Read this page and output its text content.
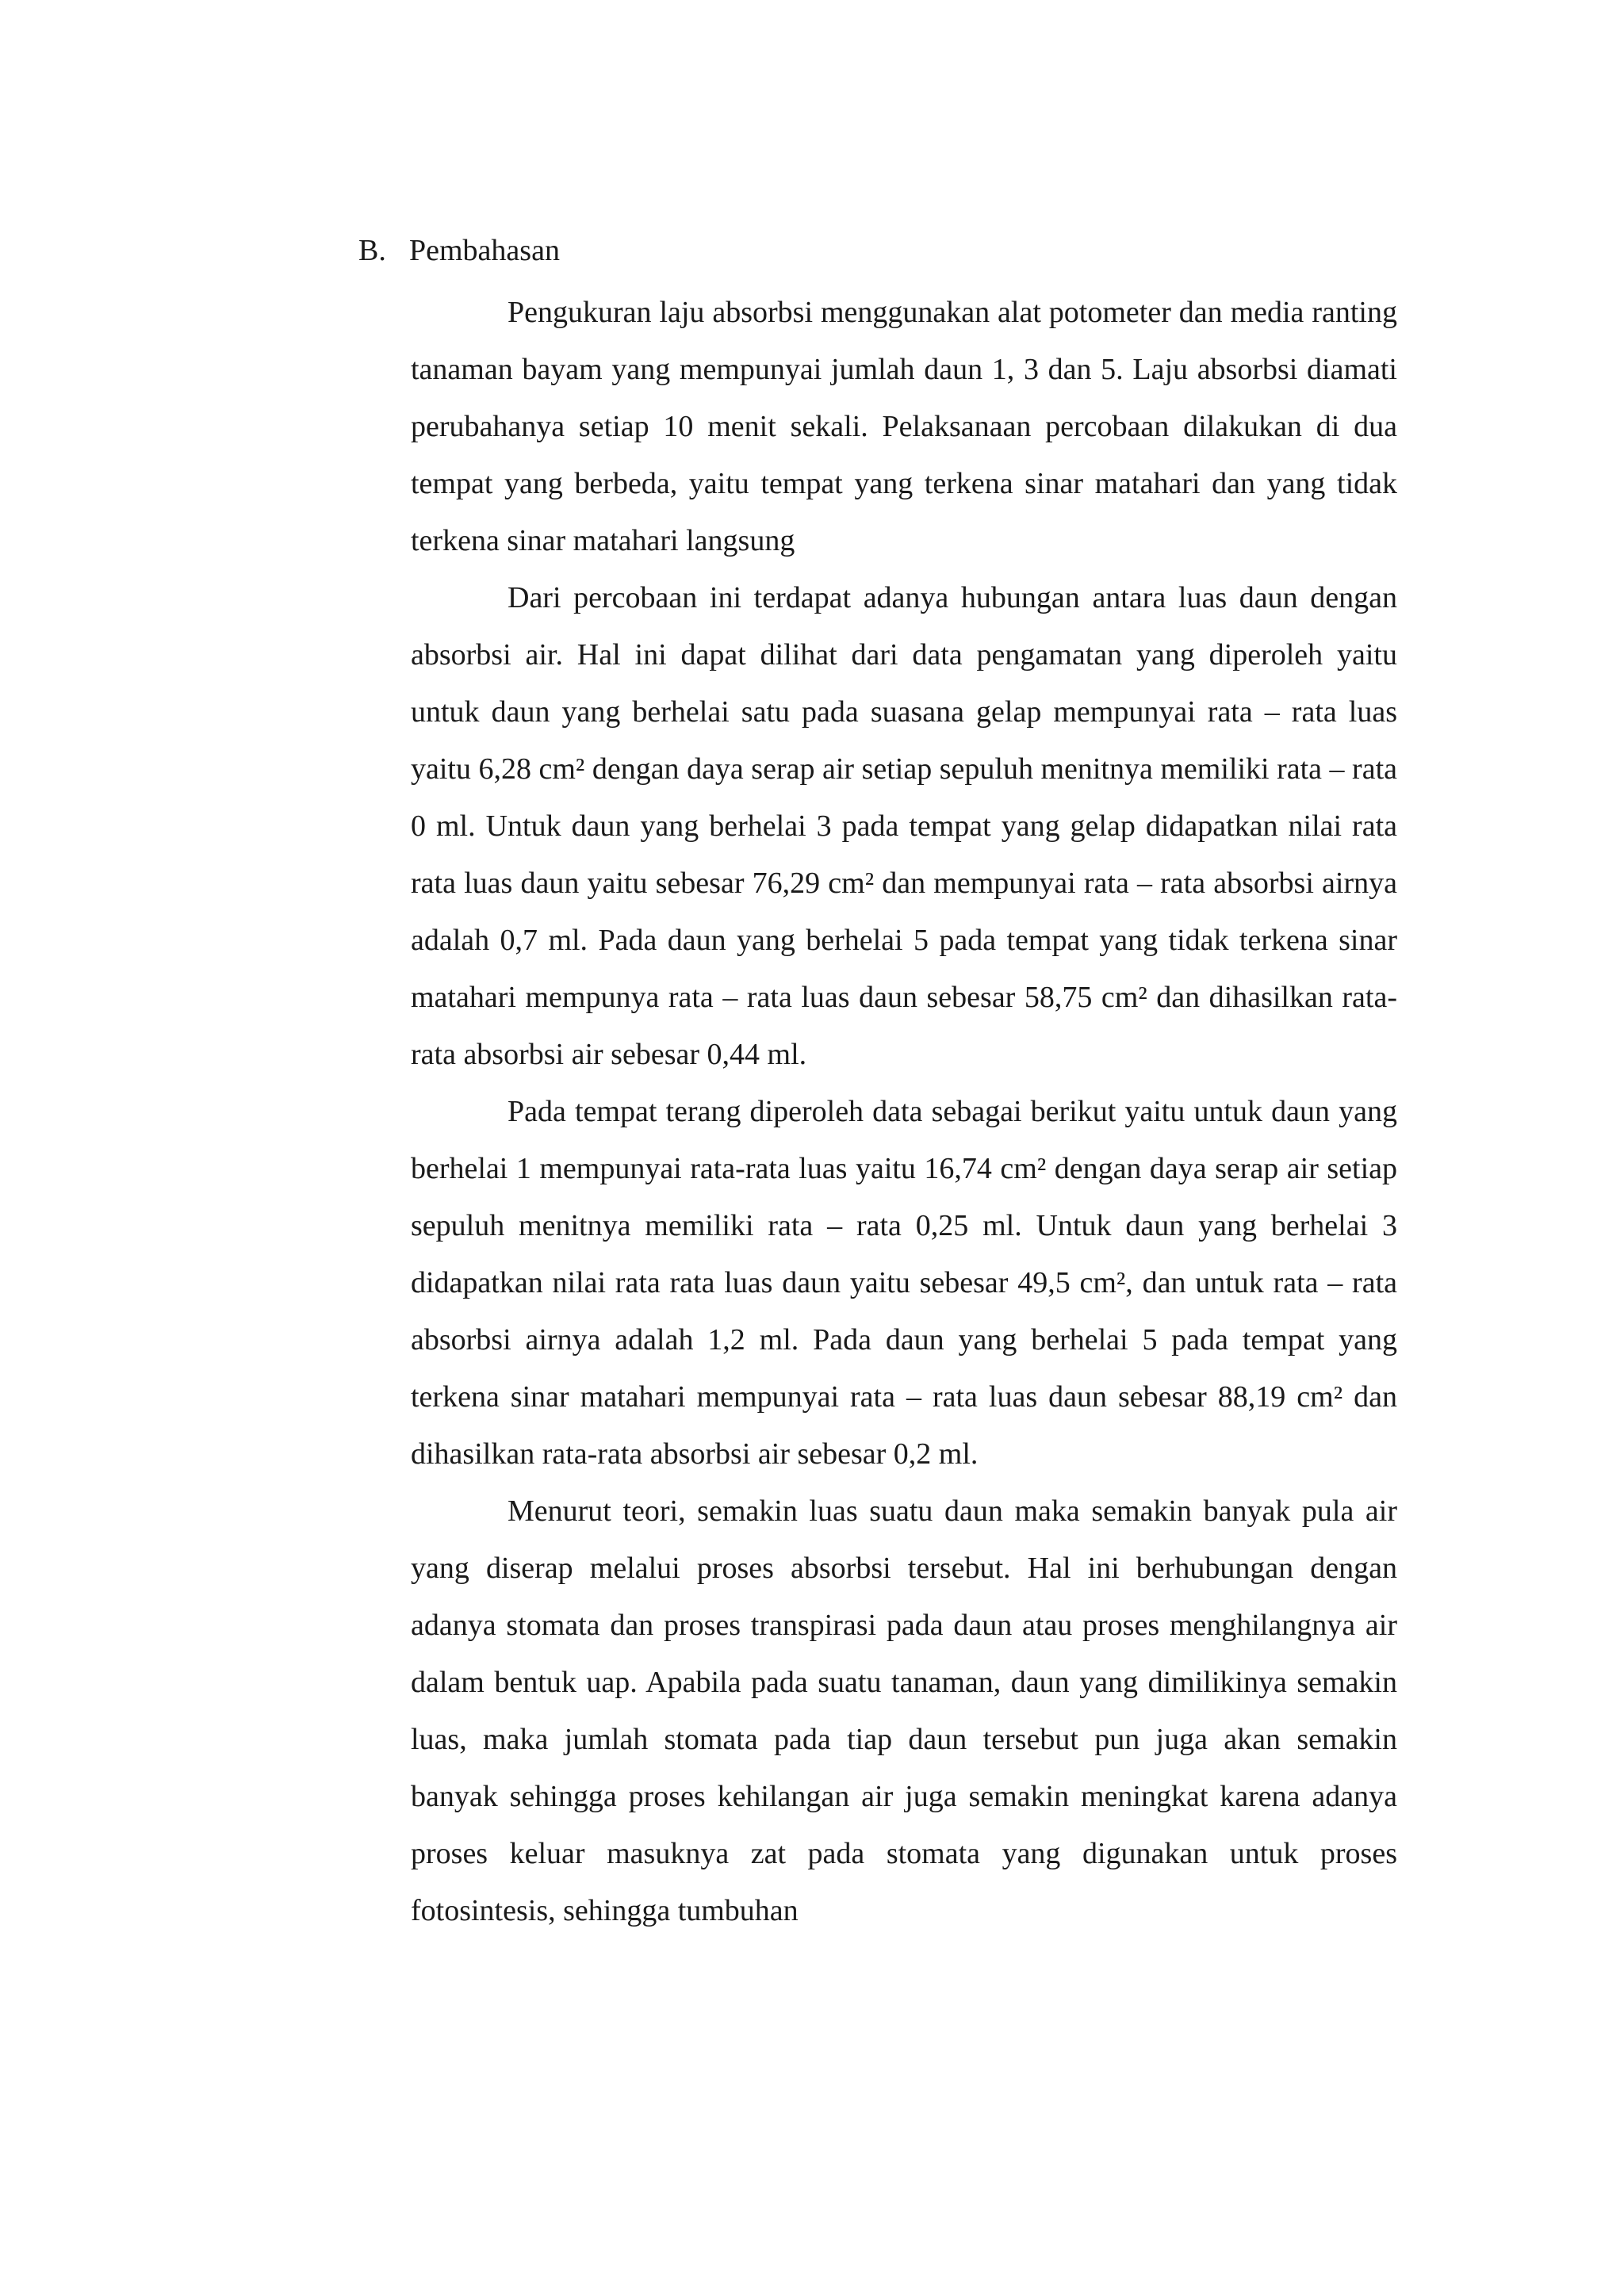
B. Pembahasan

Pengukuran laju absorbsi menggunakan alat potometer dan media ranting tanaman bayam yang mempunyai jumlah daun 1, 3 dan 5. Laju absorbsi diamati perubahanya setiap 10 menit sekali. Pelaksanaan percobaan dilakukan di dua tempat yang berbeda, yaitu tempat yang terkena sinar matahari dan yang tidak terkena sinar matahari langsung

Dari percobaan ini terdapat adanya hubungan antara luas daun dengan absorbsi air. Hal ini dapat dilihat dari data pengamatan yang diperoleh yaitu untuk daun yang berhelai satu pada suasana gelap mempunyai rata – rata luas yaitu 6,28 cm² dengan daya serap air setiap sepuluh menitnya memiliki rata – rata 0 ml. Untuk daun yang berhelai 3 pada tempat yang gelap didapatkan nilai rata rata luas daun yaitu sebesar 76,29 cm² dan mempunyai rata – rata absorbsi airnya adalah 0,7 ml. Pada daun yang berhelai 5 pada tempat yang tidak terkena sinar matahari mempunya rata – rata luas daun sebesar 58,75 cm² dan dihasilkan rata-rata absorbsi air sebesar 0,44 ml.

Pada tempat terang diperoleh data sebagai berikut yaitu untuk daun yang berhelai 1 mempunyai rata-rata luas yaitu 16,74 cm² dengan daya serap air setiap sepuluh menitnya memiliki rata – rata 0,25 ml. Untuk daun yang berhelai 3 didapatkan nilai rata rata luas daun yaitu sebesar 49,5 cm², dan untuk rata – rata absorbsi airnya adalah 1,2 ml. Pada daun yang berhelai 5 pada tempat yang terkena sinar matahari mempunyai rata – rata luas daun sebesar 88,19 cm² dan dihasilkan rata-rata absorbsi air sebesar 0,2 ml.

Menurut teori, semakin luas suatu daun maka semakin banyak pula air yang diserap melalui proses absorbsi tersebut. Hal ini berhubungan dengan adanya stomata dan proses transpirasi pada daun atau proses menghilangnya air dalam bentuk uap. Apabila pada suatu tanaman, daun yang dimilikinya semakin luas, maka jumlah stomata pada tiap daun tersebut pun juga akan semakin banyak sehingga proses kehilangan air juga semakin meningkat karena adanya proses keluar masuknya zat pada stomata yang digunakan untuk proses fotosintesis, sehingga tumbuhan
